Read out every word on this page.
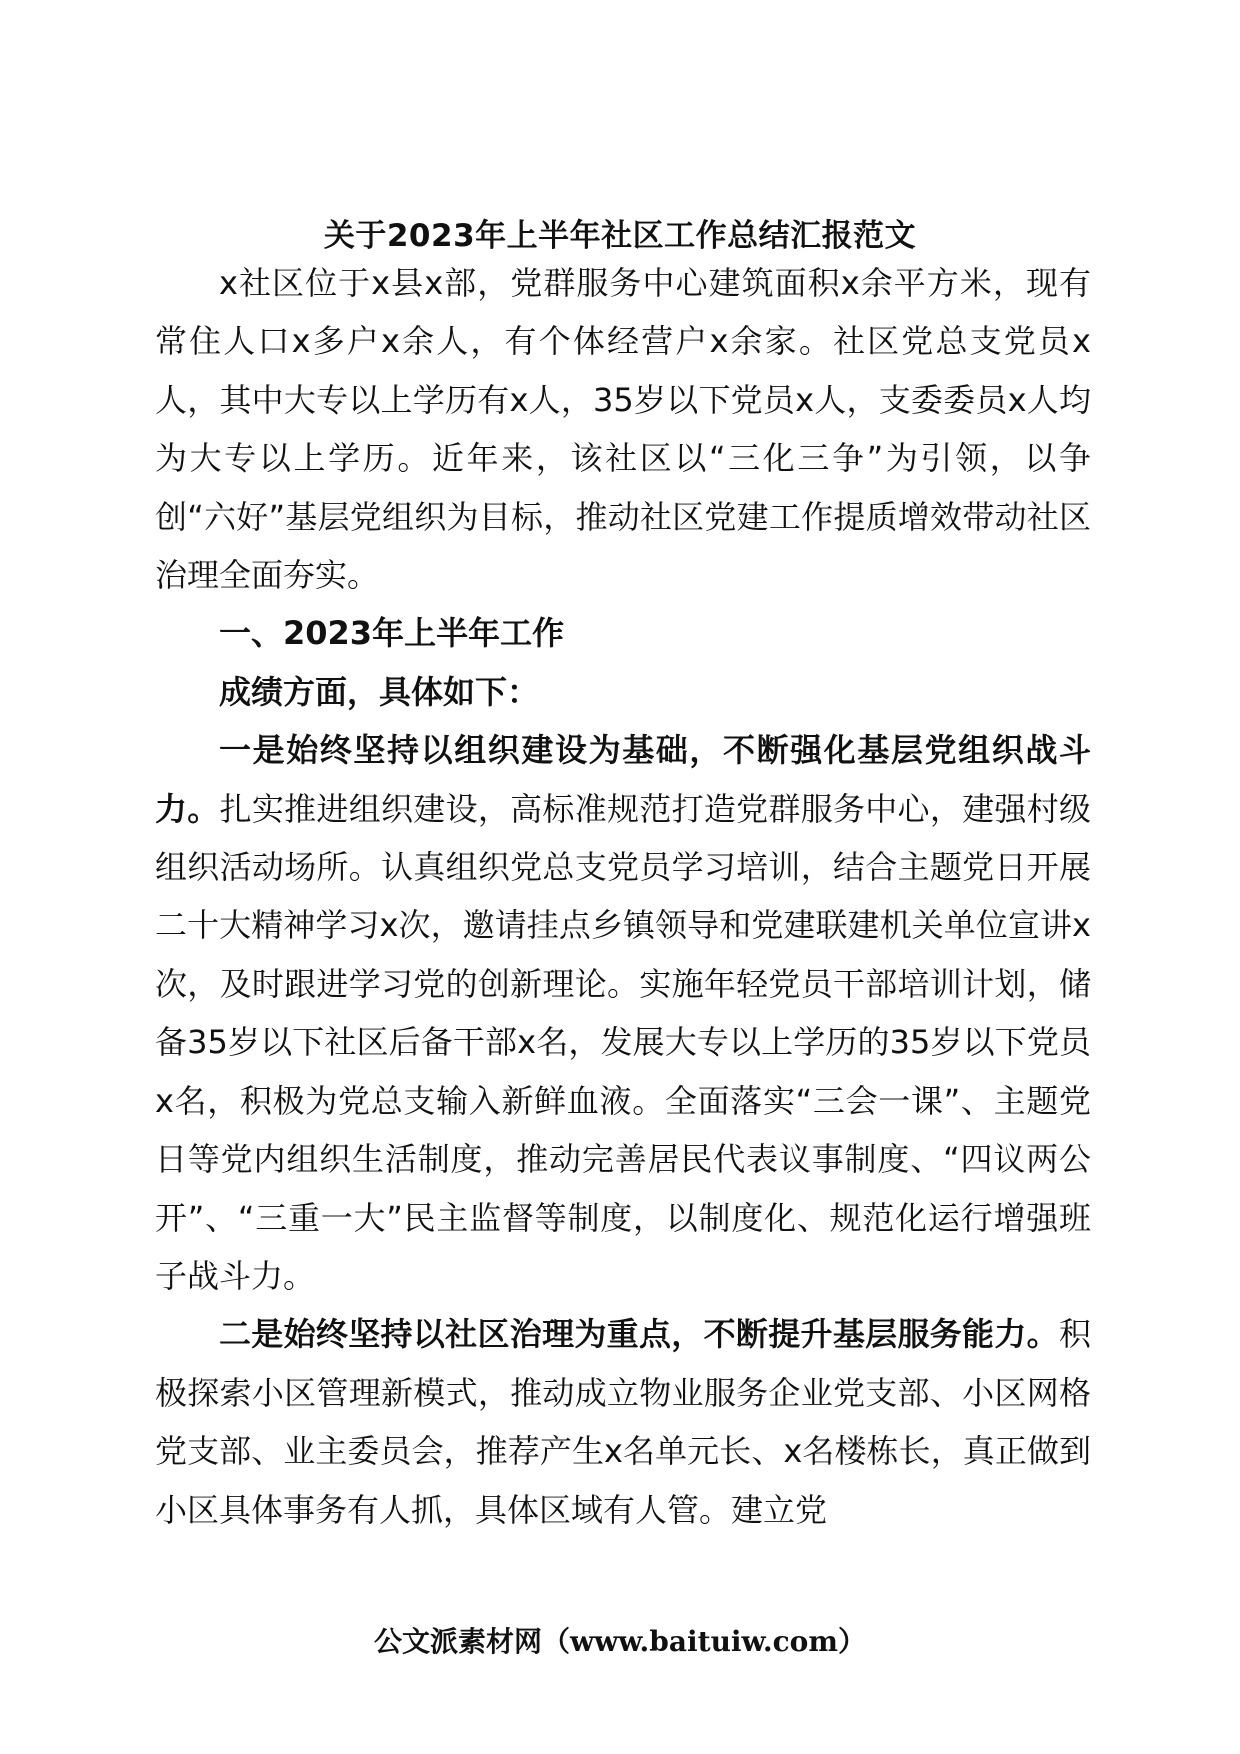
关于2023年上半年社区工作总结汇报范文

x社区位于x县x部，党群服务中心建筑面积x余平方米，现有常住人口x多户x余人，有个体经营户x余家。社区党总支党员x人，其中大专以上学历有x人，35岁以下党员x人，支委委员x人均为大专以上学历。近年来，该社区以“三化三争”为引领，以争创“六好”基层党组织为目标，推动社区党建工作提质增效带动社区治理全面夯实。

一、2023年上半年工作

成绩方面，具体如下：

一是始终坚持以组织建设为基础，不断强化基层党组织战斗力。扎实推进组织建设，高标准规范打造党群服务中心，建强村级组织活动场所。认真组织党总支党员学习培训，结合主题党日开展二十大精神学习x次，邀请挂点乡镇领导和党建联建机关单位宣讲x次，及时跟进学习党的创新理论。实施年轻党员干部培训计划，储备35岁以下社区后备干部x名，发展大专以上学历的35岁以下党员x名，积极为党总支输入新鲜血液。全面落实“三会一课”、主题党日等党内组织生活制度，推动完善居民代表议事制度、“四议两公开”、“三重一大”民主监督等制度，以制度化、规范化运行增强班子战斗力。

二是始终坚持以社区治理为重点，不断提升基层服务能力。积极探索小区管理新模式，推动成立物业服务企业党支部、小区网格党支部、业主委员会，推荐产生x名单元长、x名楼栋长，真正做到小区具体事务有人抓，具体区域有人管。建立党

公文派素材网（www.baituiw.com）
